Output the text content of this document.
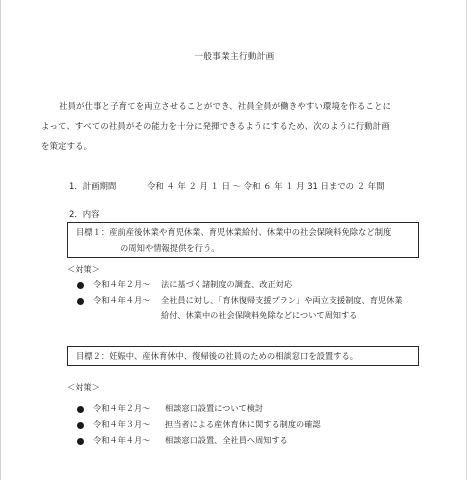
一般事業主行動計画
社員が仕事と子育てを両立させることができ、社員全員が働きやすい環境を作ることに
よって、すべての社員がその能力を十分に発揮できるようにするため、次のように行動計画
を策定する。
1．計画期間	令和 ４ 年 ２ 月 １ 日 ～ 令和 ６ 年 １ 月 31 日までの ２ 年間
2．内容
目標１：産前産後休業や育児休業、育児休業給付、休業中の社会保険料免除など制度
の周知や情報提供を行う。
＜対策＞
令和４年２月～ 法に基づく諸制度の調査、改正対応
令和４年４月～ 全社員に対し、「育休復帰支援プラン」や両立支援制度、育児休業
給付、休業中の社会保険料免除などについて周知する
目標２：妊娠中、産休育休中、復帰後の社員のための相談窓口を設置する。
＜対策＞
令和４年２月～ 相談窓口設置について検討
令和４年３月～ 担当者による産休育休に関する制度の確認
令和４年４月～ 相談窓口設置、全社員へ周知する
